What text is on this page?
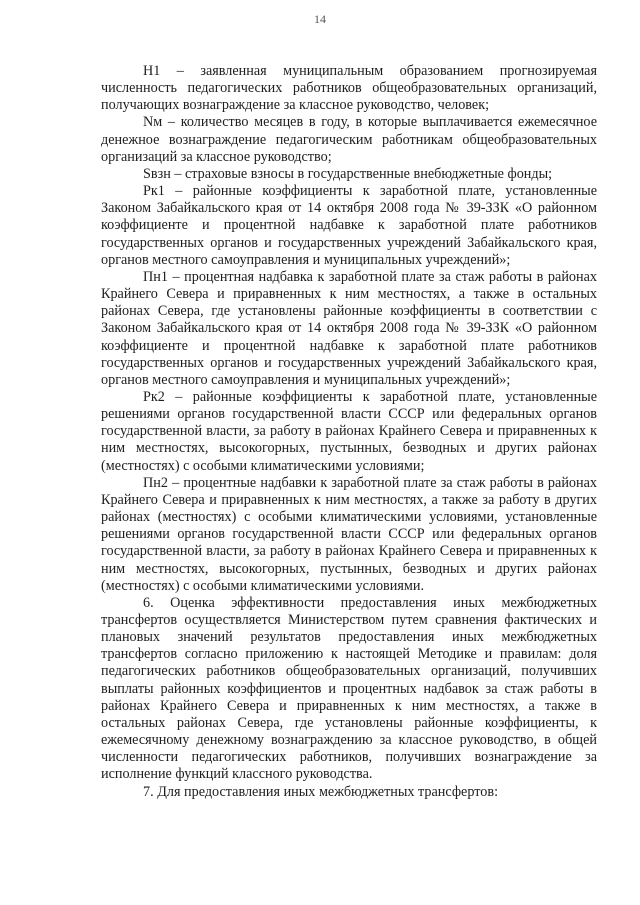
14

Н1 – заявленная муниципальным образованием прогнозируемая численность педагогических работников общеобразовательных организаций, получающих вознаграждение за классное руководство, человек;

Nм – количество месяцев в году, в которые выплачивается ежемесячное денежное вознаграждение педагогическим работникам общеобразовательных организаций за классное руководство;

Sвзн – страховые взносы в государственные внебюджетные фонды;

Рк1 – районные коэффициенты к заработной плате, установленные Законом Забайкальского края от 14 октября 2008 года № 39-ЗЗК «О районном коэффициенте и процентной надбавке к заработной плате работников государственных органов и государственных учреждений Забайкальского края, органов местного самоуправления и муниципальных учреждений»;

Пн1 – процентная надбавка к заработной плате за стаж работы в районах Крайнего Севера и приравненных к ним местностях, а также в остальных районах Севера, где установлены районные коэффициенты в соответствии с Законом Забайкальского края от 14 октября 2008 года № 39-ЗЗК «О районном коэффициенте и процентной надбавке к заработной плате работников государственных органов и государственных учреждений Забайкальского края, органов местного самоуправления и муниципальных учреждений»;

Рк2 – районные коэффициенты к заработной плате, установленные решениями органов государственной власти СССР или федеральных органов государственной власти, за работу в районах Крайнего Севера и приравненных к ним местностях, высокогорных, пустынных, безводных и других районах (местностях) с особыми климатическими условиями;

Пн2 – процентные надбавки к заработной плате за стаж работы в районах Крайнего Севера и приравненных к ним местностях, а также за работу в других районах (местностях) с особыми климатическими условиями, установленные решениями органов государственной власти СССР или федеральных органов государственной власти, за работу в районах Крайнего Севера и приравненных к ним местностях, высокогорных, пустынных, безводных и других районах (местностях) с особыми климатическими условиями.

6. Оценка эффективности предоставления иных межбюджетных трансфертов осуществляется Министерством путем сравнения фактических и плановых значений результатов предоставления иных межбюджетных трансфертов согласно приложению к настоящей Методике и правилам: доля педагогических работников общеобразовательных организаций, получивших выплаты районных коэффициентов и процентных надбавок за стаж работы в районах Крайнего Севера и приравненных к ним местностях, а также в остальных районах Севера, где установлены районные коэффициенты, к ежемесячному денежному вознаграждению за классное руководство, в общей численности педагогических работников, получивших вознаграждение за исполнение функций классного руководства.

7. Для предоставления иных межбюджетных трансфертов:
